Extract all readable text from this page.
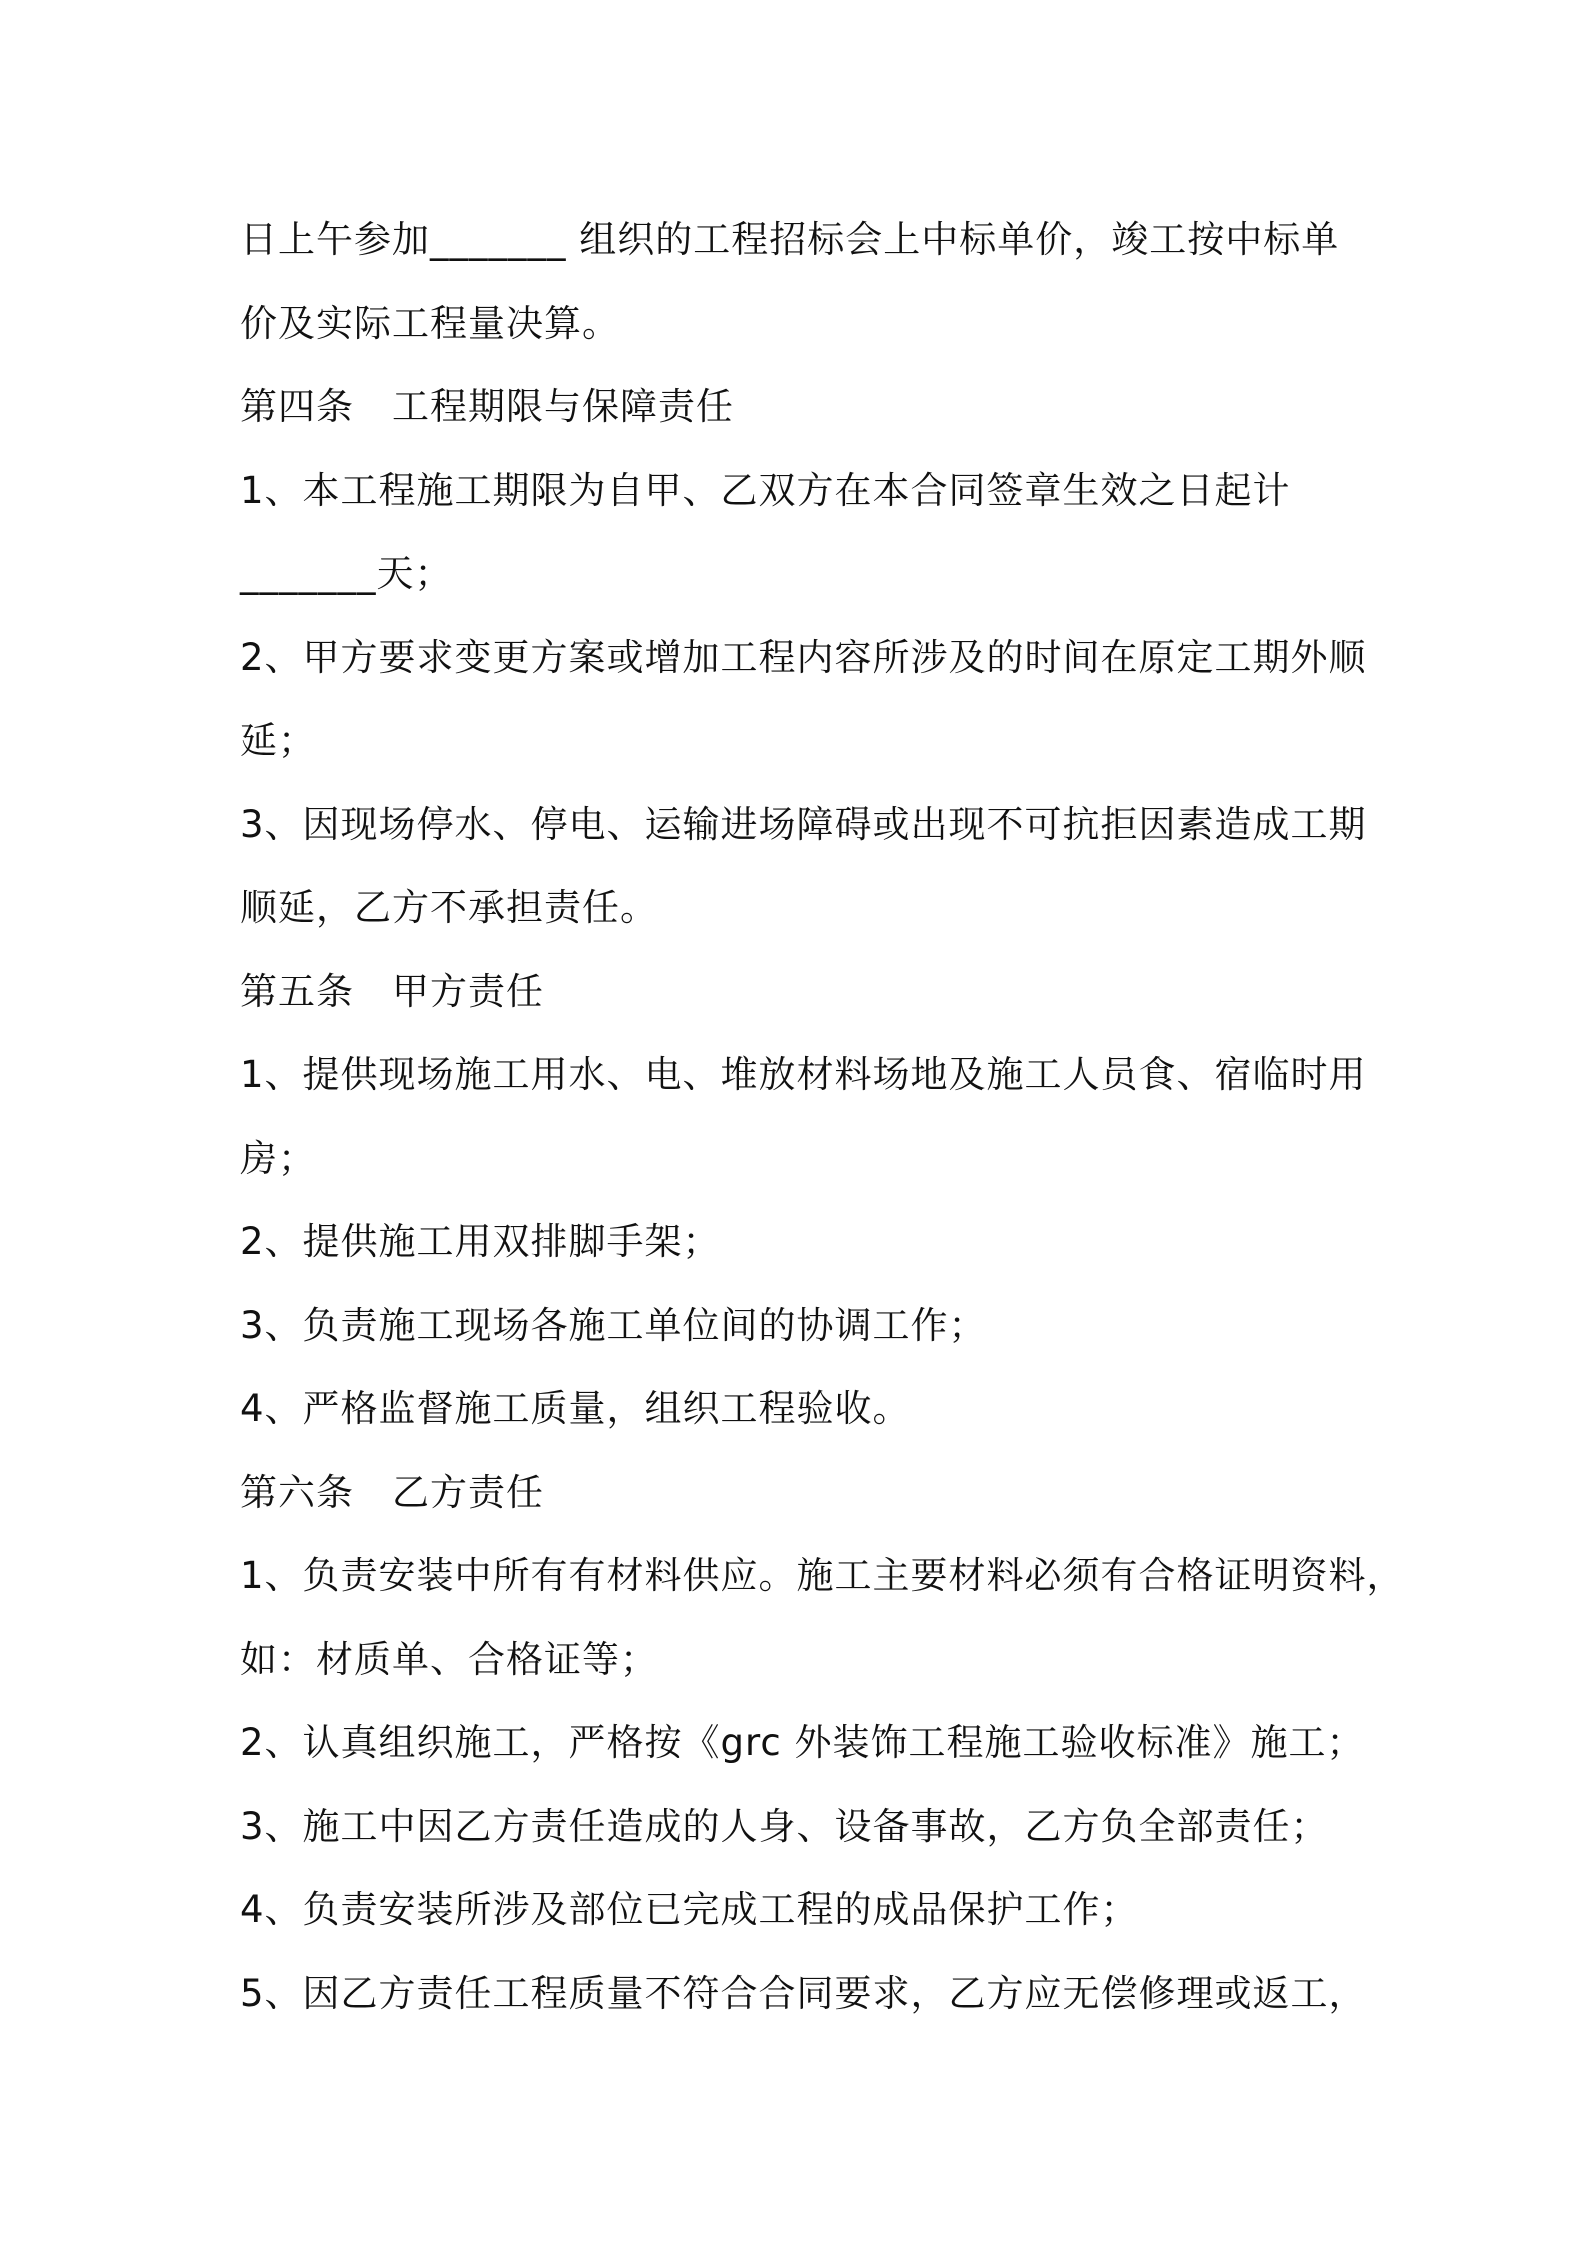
日上午参加_______ 组织的工程招标会上中标单价，竣工按中标单
价及实际工程量决算。
第四条　工程期限与保障责任
1、本工程施工期限为自甲、乙双方在本合同签章生效之日起计
_______天；
2、甲方要求变更方案或增加工程内容所涉及的时间在原定工期外顺
延；
3、因现场停水、停电、运输进场障碍或出现不可抗拒因素造成工期
顺延，乙方不承担责任。
第五条　甲方责任
1、提供现场施工用水、电、堆放材料场地及施工人员食、宿临时用
房；
2、提供施工用双排脚手架；
3、负责施工现场各施工单位间的协调工作；
4、严格监督施工质量，组织工程验收。
第六条　乙方责任
1、负责安装中所有有材料供应。施工主要材料必须有合格证明资料，
如：材质单、合格证等；
2、认真组织施工，严格按《grc 外装饰工程施工验收标准》施工；
3、施工中因乙方责任造成的人身、设备事故，乙方负全部责任；
4、负责安装所涉及部位已完成工程的成品保护工作；
5、因乙方责任工程质量不符合合同要求，乙方应无偿修理或返工，
